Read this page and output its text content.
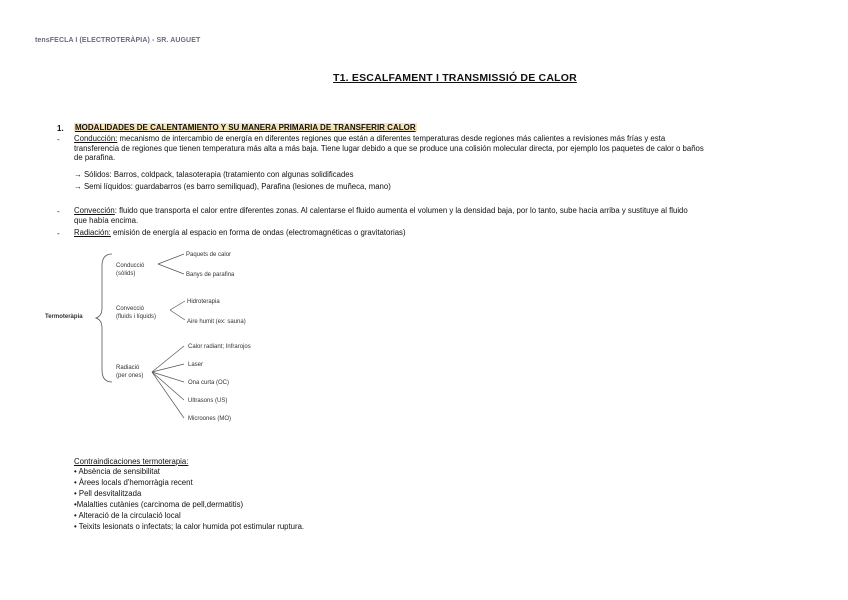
tensFECLA I (ELECTROTERÀPIA) - SR. AUGUET
T1. ESCALFAMENT I TRANSMISSIÓ DE CALOR
1. MODALIDADES DE CALENTAMIENTO Y SU MANERA PRIMARIA DE TRANSFERIR CALOR
- Conducción: mecanismo de intercambio de energía en diferentes regiones que están a diferentes temperaturas desde regiones más calientes a revisiones más frías y esta
transferencia de regiones que tienen temperatura más alta a más baja. Tiene lugar debido a que se produce una colisión molecular directa, por ejemplo los paquetes de calor o baños
de parafina.
→ Sólidos: Barros, coldpack, talasoterapia (tratamiento con algunas solidificades
→ Semi líquidos: guardabarros (es barro semiliquad), Parafina (lesiones de muñeca, mano)
- Convección: fluido que transporta el calor entre diferentes zonas. Al calentarse el fluido aumenta el volumen y la densidad baja, por lo tanto, sube hacia arriba y sustituye al fluido
que había encima.
- Radiación: emisión de energía al espacio en forma de ondas (electromagnéticas o gravitatorias)
Termoteràpia
Conducció
(sòlids)
Paquets de calor
Banys de parafina
Convecció
(fluids i líquids)
Hidroterapia
Aire humit (ex: sauna)
Radiació
(per ones)
Calor radiant; Infrarojos
Laser
Ona curta (OC)
Ultrasons (US)
Microones (MO)
Contraindicaciones termoterapia:
• Absència de sensibilitat
• Àrees locals d'hemorràgia recent
• Pell desvitalitzada
•Malalties cutànies (carcinoma de pell,dermatitis)
• Alteració de la circulació local
• Teixits lesionats o infectats; la calor humida pot estimular ruptura.
